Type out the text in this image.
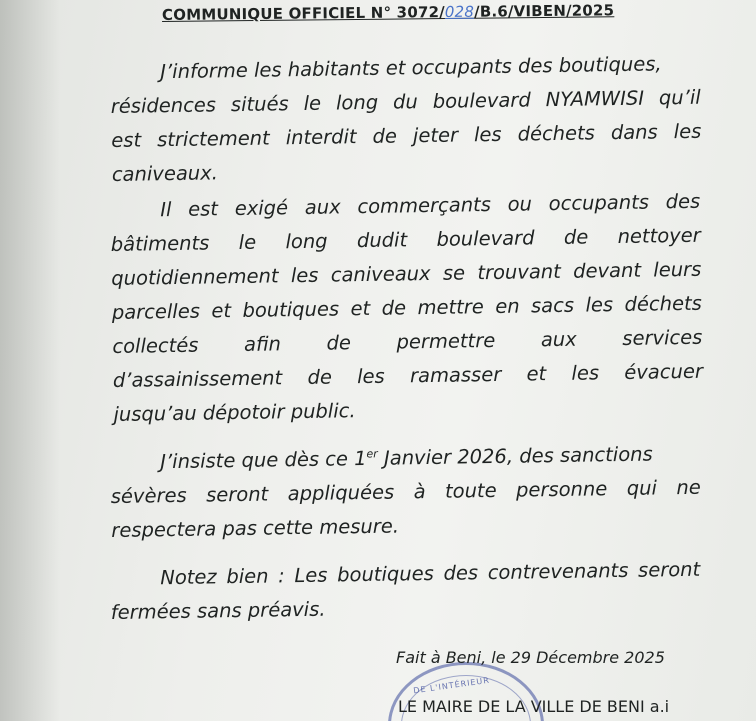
COMMUNIQUE OFFICIEL N° 3072/028/B.6/VIBEN/2025
J’informe les habitants et occupants des boutiques,
résidences situés le long du boulevard NYAMWISI qu’il
est strictement interdit de jeter les déchets dans les
caniveaux.
Il est exigé aux commerçants ou occupants des
bâtiments le long dudit boulevard de nettoyer
quotidiennement les caniveaux se trouvant devant leurs
parcelles et boutiques et de mettre en sacs les déchets
collectés afin de permettre aux services
d’assainissement de les ramasser et les évacuer
jusqu’au dépotoir public.
J’insiste que dès ce 1er Janvier 2026, des sanctions
sévères seront appliquées à toute personne qui ne
respectera pas cette mesure.
Notez bien : Les boutiques des contrevenants seront
fermées sans préavis.
DE L'INTÉRIEUR
Fait à Beni, le 29 Décembre 2025
LE MAIRE DE LA VILLE DE BENI a.i
